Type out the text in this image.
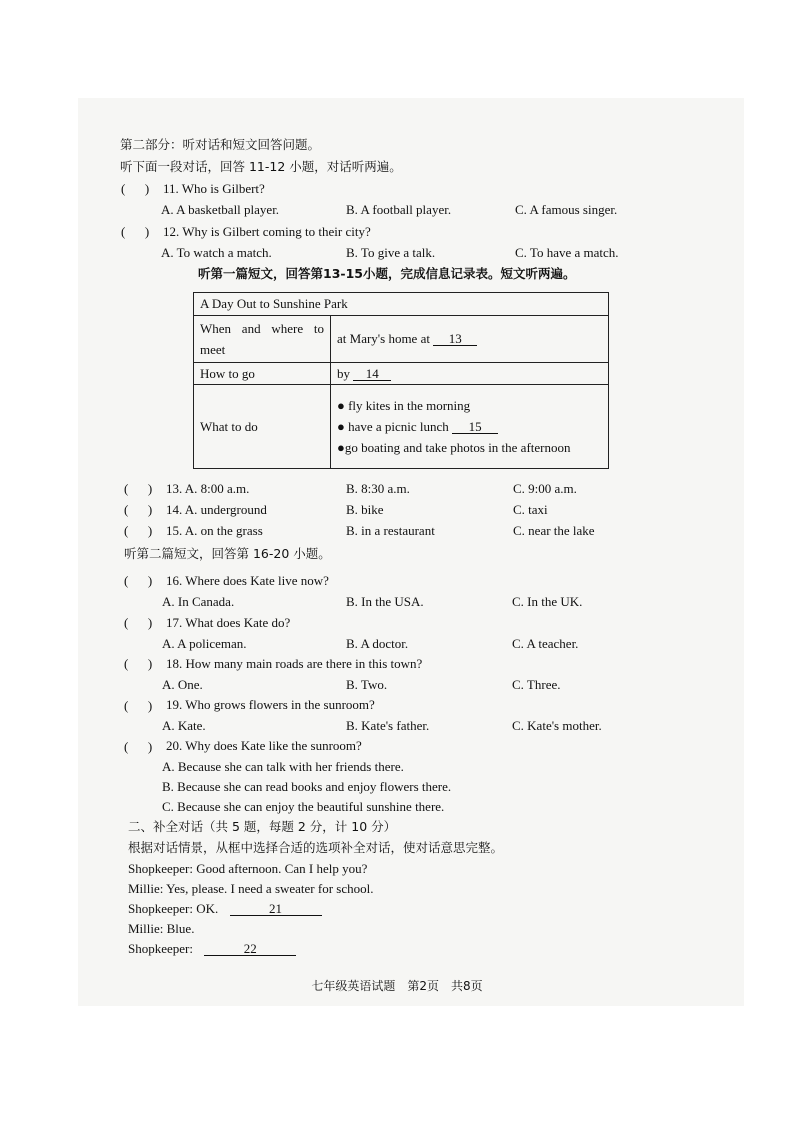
第二部分：听对话和短文回答问题。
听下面一段对话，回答 11-12 小题，对话听两遍。
(      ) 11. Who is Gilbert?
A. A basketball player.	B. A football player.	C. A famous singer.
(      ) 12. Why is Gilbert coming to their city?
A. To watch a match.	B. To give a talk.	C. To have a match.
听第一篇短文，回答第13-15小题，完成信息记录表。短文听两遍。
A Day Out to Sunshine Park	
When and where to meet	at Mary's home at 13
How to go	by 14
What to do	● fly kites in the morning
● have a picnic lunch 15
●go boating and take photos in the afternoon
(      ) 13. A. 8:00 a.m.	B. 8:30 a.m.	C. 9:00 a.m.
(      ) 14. A. underground	B. bike	C. taxi
(      ) 15. A. on the grass	B. in a restaurant	C. near the lake
听第二篇短文，回答第 16-20 小题。
(      ) 16. Where does Kate live now?
A. In Canada.	B. In the USA.	C. In the UK.
(      ) 17. What does Kate do?
A. A policeman.	B. A doctor.	C. A teacher.
(      ) 18. How many main roads are there in this town?
A. One.	B. Two.	C. Three.
(      ) 19. Who grows flowers in the sunroom?
A. Kate.	B. Kate's father.	C. Kate's mother.
(      ) 20. Why does Kate like the sunroom?
A. Because she can talk with her friends there.
B. Because she can read books and enjoy flowers there.
C. Because she can enjoy the beautiful sunshine there.
二、补全对话（共 5 题，每题 2 分，计 10 分）
根据对话情景，从框中选择合适的选项补全对话，使对话意思完整。
Shopkeeper: Good afternoon. Can I help you?
Millie: Yes, please. I need a sweater for school.
Shopkeeper: OK.	21
Millie: Blue.
Shopkeeper:	22
七年级英语试题　第2页　共8页
